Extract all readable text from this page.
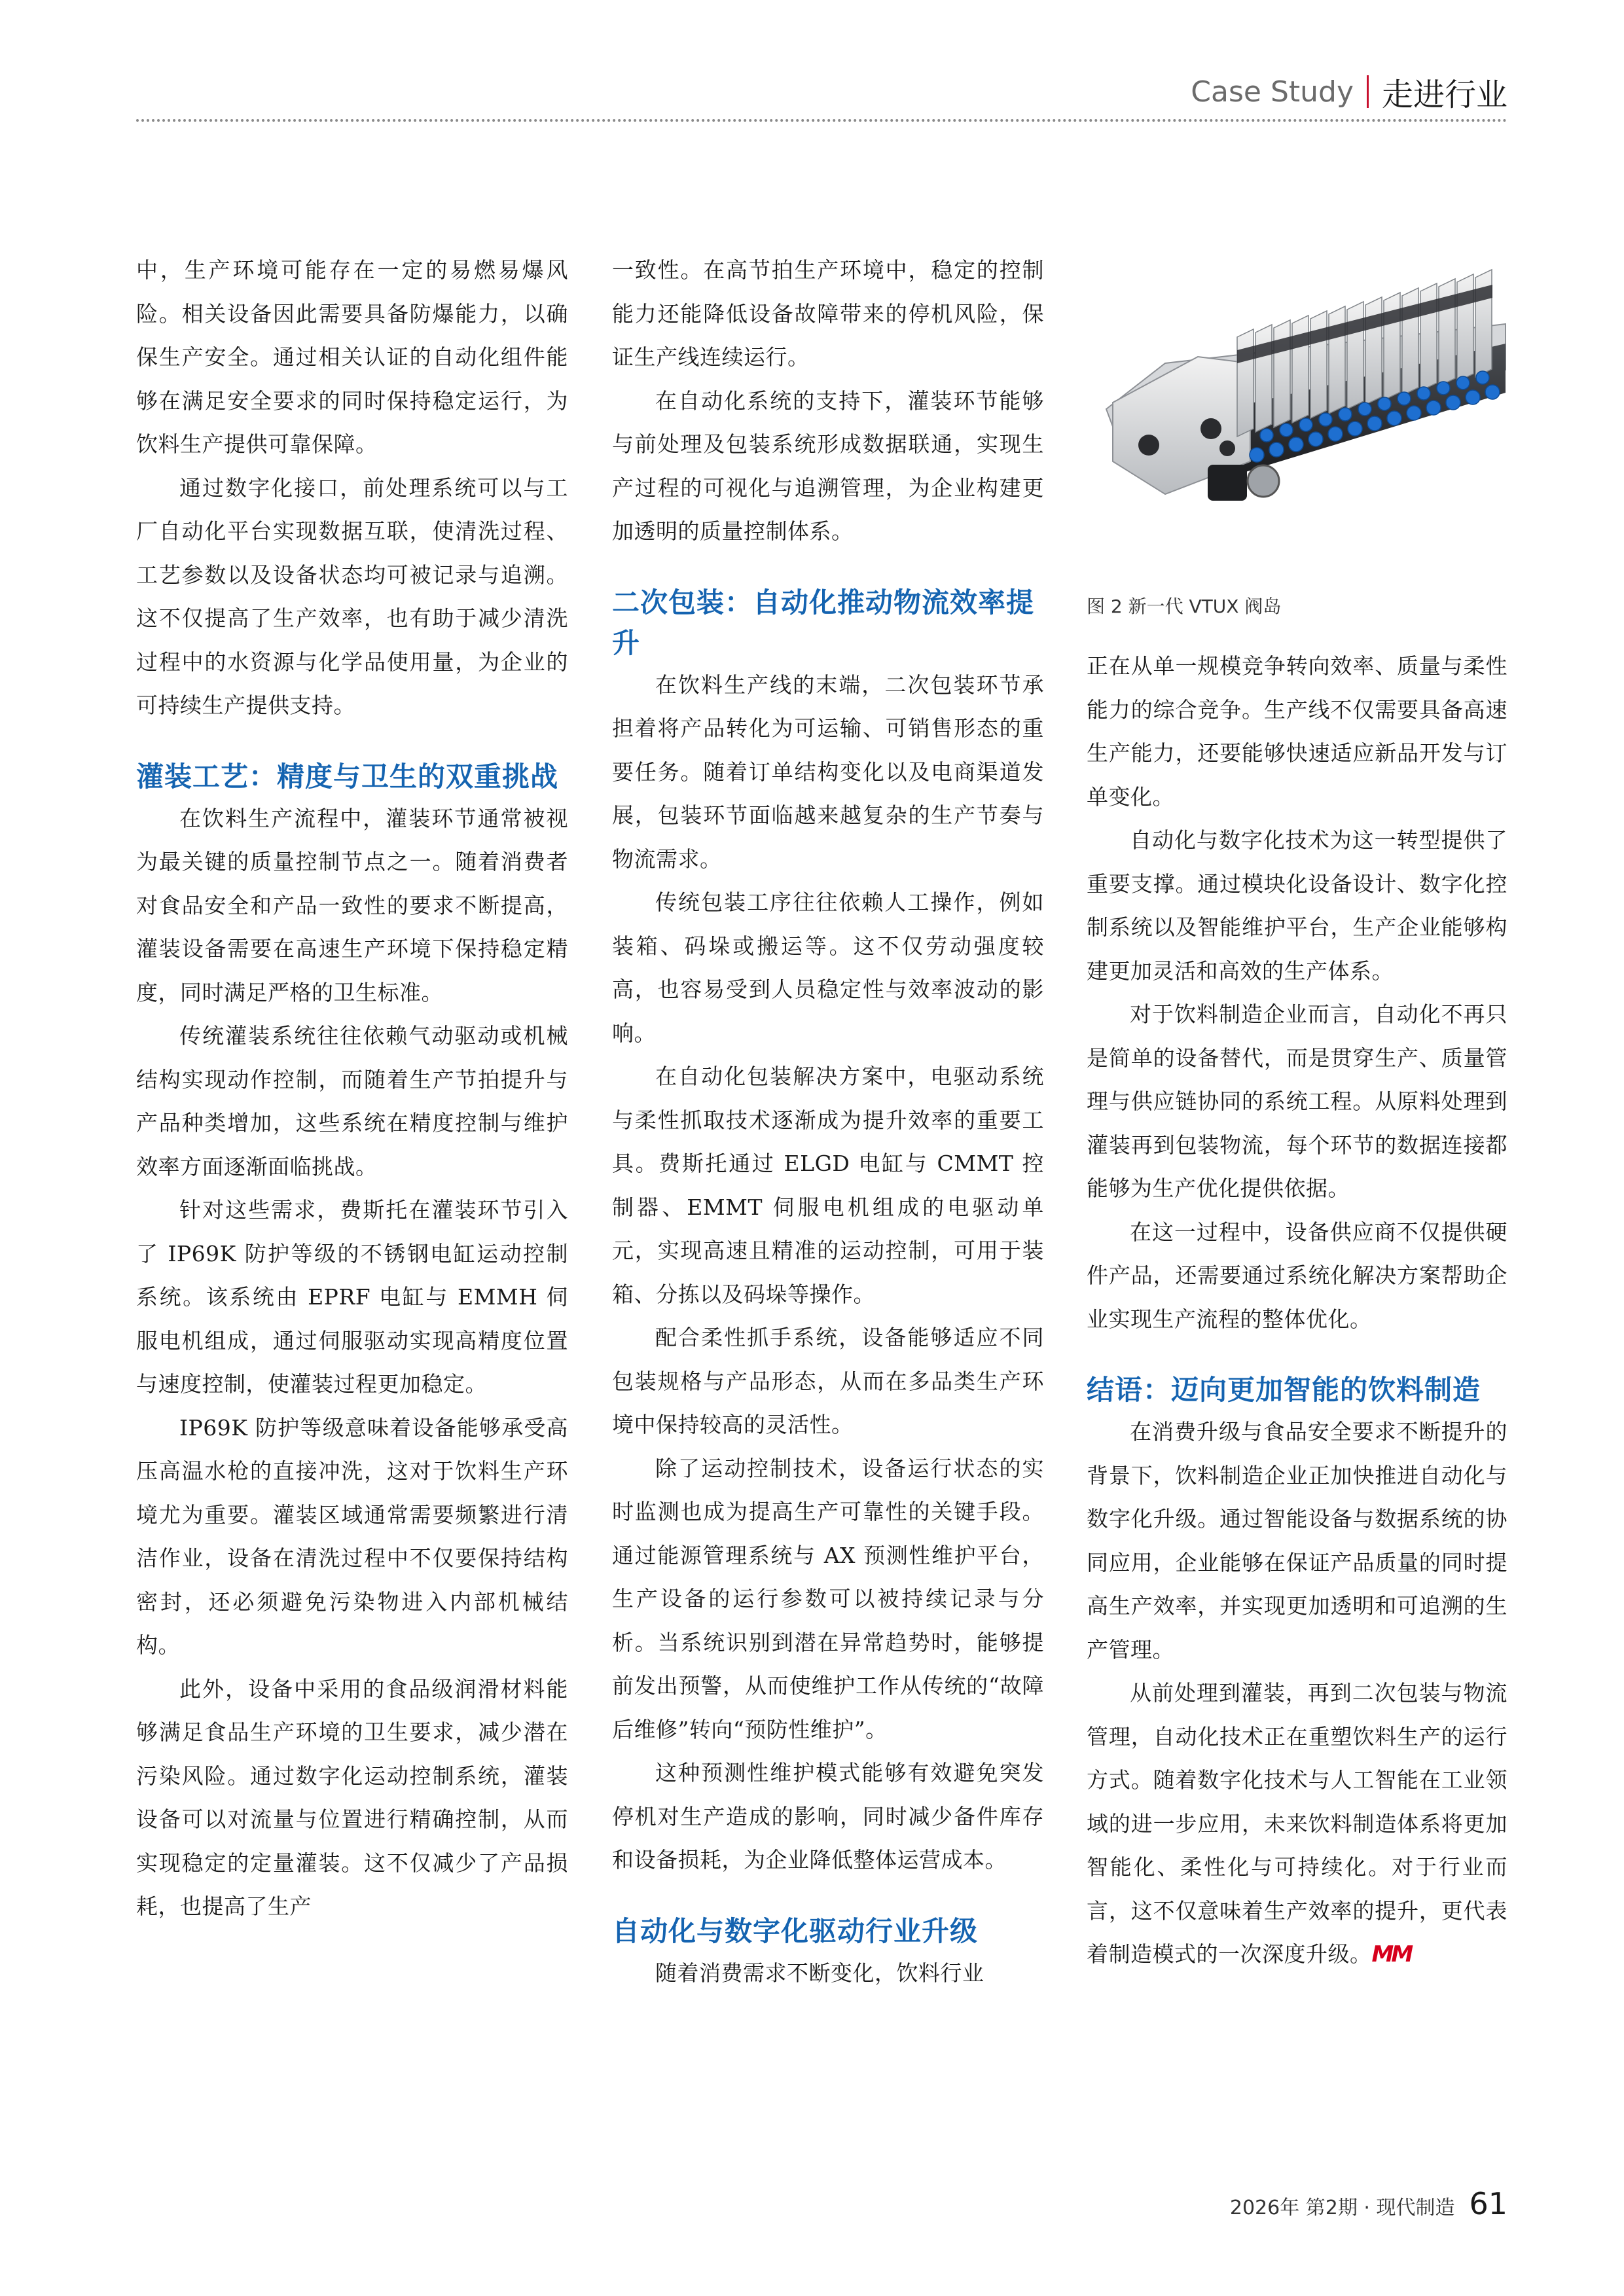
Case Study 走进行业

中，生产环境可能存在一定的易燃易爆风险。相关设备因此需要具备防爆能力，以确保生产安全。通过相关认证的自动化组件能够在满足安全要求的同时保持稳定运行，为饮料生产提供可靠保障。

通过数字化接口，前处理系统可以与工厂自动化平台实现数据互联，使清洗过程、工艺参数以及设备状态均可被记录与追溯。这不仅提高了生产效率，也有助于减少清洗过程中的水资源与化学品使用量，为企业的可持续生产提供支持。

灌装工艺：精度与卫生的双重挑战

在饮料生产流程中，灌装环节通常被视为最关键的质量控制节点之一。随着消费者对食品安全和产品一致性的要求不断提高，灌装设备需要在高速生产环境下保持稳定精度，同时满足严格的卫生标准。

传统灌装系统往往依赖气动驱动或机械结构实现动作控制，而随着生产节拍提升与产品种类增加，这些系统在精度控制与维护效率方面逐渐面临挑战。

针对这些需求，费斯托在灌装环节引入了 IP69K 防护等级的不锈钢电缸运动控制系统。该系统由 EPRF 电缸与 EMMH 伺服电机组成，通过伺服驱动实现高精度位置与速度控制，使灌装过程更加稳定。

IP69K 防护等级意味着设备能够承受高压高温水枪的直接冲洗，这对于饮料生产环境尤为重要。灌装区域通常需要频繁进行清洁作业，设备在清洗过程中不仅要保持结构密封，还必须避免污染物进入内部机械结构。

此外，设备中采用的食品级润滑材料能够满足食品生产环境的卫生要求，减少潜在污染风险。通过数字化运动控制系统，灌装设备可以对流量与位置进行精确控制，从而实现稳定的定量灌装。这不仅减少了产品损耗，也提高了生产

一致性。在高节拍生产环境中，稳定的控制能力还能降低设备故障带来的停机风险，保证生产线连续运行。

在自动化系统的支持下，灌装环节能够与前处理及包装系统形成数据联通，实现生产过程的可视化与追溯管理，为企业构建更加透明的质量控制体系。

二次包装：自动化推动物流效率提升

在饮料生产线的末端，二次包装环节承担着将产品转化为可运输、可销售形态的重要任务。随着订单结构变化以及电商渠道发展，包装环节面临越来越复杂的生产节奏与物流需求。

传统包装工序往往依赖人工操作，例如装箱、码垛或搬运等。这不仅劳动强度较高，也容易受到人员稳定性与效率波动的影响。

在自动化包装解决方案中，电驱动系统与柔性抓取技术逐渐成为提升效率的重要工具。费斯托通过 ELGD 电缸与 CMMT 控制器、EMMT 伺服电机组成的电驱动单元，实现高速且精准的运动控制，可用于装箱、分拣以及码垛等操作。

配合柔性抓手系统，设备能够适应不同包装规格与产品形态，从而在多品类生产环境中保持较高的灵活性。

除了运动控制技术，设备运行状态的实时监测也成为提高生产可靠性的关键手段。通过能源管理系统与 AX 预测性维护平台，生产设备的运行参数可以被持续记录与分析。当系统识别到潜在异常趋势时，能够提前发出预警，从而使维护工作从传统的“故障后维修”转向“预防性维护”。

这种预测性维护模式能够有效避免突发停机对生产造成的影响，同时减少备件库存和设备损耗，为企业降低整体运营成本。

自动化与数字化驱动行业升级

随着消费需求不断变化，饮料行业

图 2 新一代 VTUX 阀岛

正在从单一规模竞争转向效率、质量与柔性能力的综合竞争。生产线不仅需要具备高速生产能力，还要能够快速适应新品开发与订单变化。

自动化与数字化技术为这一转型提供了重要支撑。通过模块化设备设计、数字化控制系统以及智能维护平台，生产企业能够构建更加灵活和高效的生产体系。

对于饮料制造企业而言，自动化不再只是简单的设备替代，而是贯穿生产、质量管理与供应链协同的系统工程。从原料处理到灌装再到包装物流，每个环节的数据连接都能够为生产优化提供依据。

在这一过程中，设备供应商不仅提供硬件产品，还需要通过系统化解决方案帮助企业实现生产流程的整体优化。

结语：迈向更加智能的饮料制造

在消费升级与食品安全要求不断提升的背景下，饮料制造企业正加快推进自动化与数字化升级。通过智能设备与数据系统的协同应用，企业能够在保证产品质量的同时提高生产效率，并实现更加透明和可追溯的生产管理。

从前处理到灌装，再到二次包装与物流管理，自动化技术正在重塑饮料生产的运行方式。随着数字化技术与人工智能在工业领域的进一步应用，未来饮料制造体系将更加智能化、柔性化与可持续化。对于行业而言，这不仅意味着生产效率的提升，更代表着制造模式的一次深度升级。MM

2026年 第2期 · 现代制造 61
